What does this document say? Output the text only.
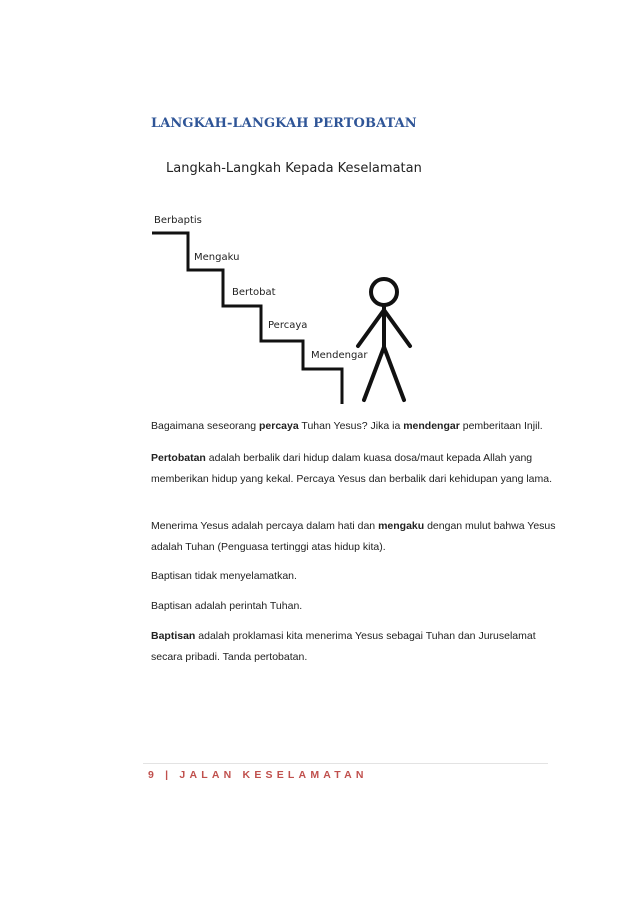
LANGKAH-LANGKAH PERTOBATAN
Langkah-Langkah Kepada Keselamatan
Berbaptis
Mengaku
Bertobat
Percaya
Mendengar
Bagaimana seseorang percaya Tuhan Yesus? Jika ia mendengar pemberitaan Injil.
Pertobatan adalah berbalik dari hidup dalam kuasa dosa/maut kepada Allah yang memberikan hidup yang kekal. Percaya Yesus dan berbalik dari kehidupan yang lama.
Menerima Yesus adalah percaya dalam hati dan mengaku dengan mulut bahwa Yesus adalah Tuhan (Penguasa tertinggi atas hidup kita).
Baptisan tidak menyelamatkan.
Baptisan adalah perintah Tuhan.
Baptisan adalah proklamasi kita menerima Yesus sebagai Tuhan dan Juruselamat secara pribadi. Tanda pertobatan.
9 | JALAN KESELAMATAN
